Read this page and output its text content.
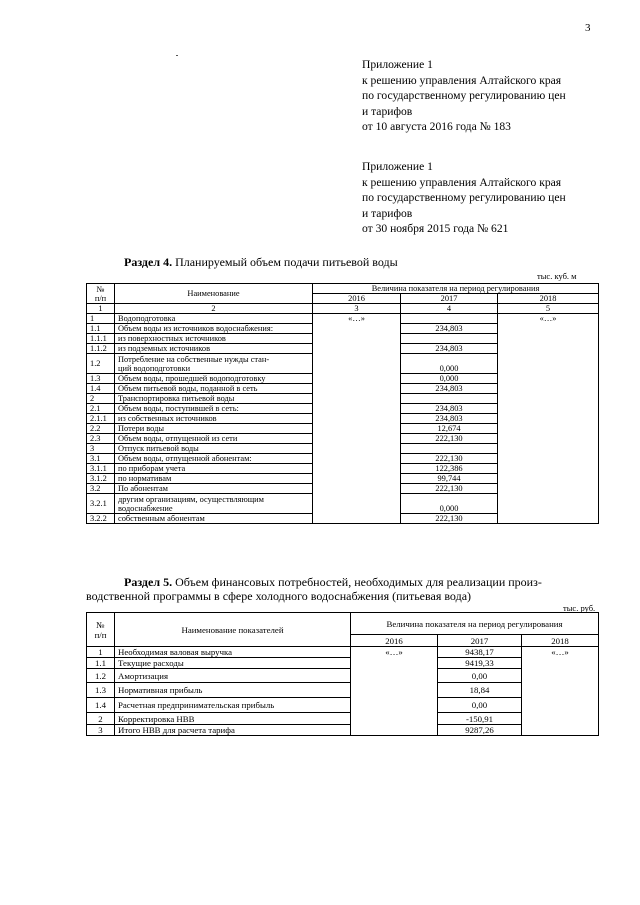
3
Приложение 1
к решению управления Алтайского края
по государственному регулированию цен
и тарифов
от 10 августа 2016 года № 183
Приложение 1
к решению управления Алтайского края
по государственному регулированию цен
и тарифов
от 30 ноября 2015 года № 621
Раздел 4. Планируемый объем подачи питьевой воды
тыс. куб. м
№
п/п	Наименование	Величина показателя на период регулирования		
		2016	2017	2018
1	2	3	4	5
1	Водоподготовка	«…»		«…»
1.1	Объем воды из источников водоснабжения:		234,803	
1.1.1	из поверхностных источников			

1.1.2	из подземных источников		234,803	
1.2	Потребление на собственные нужды стан-
ций водоподготовки		0,000	
1.3	Объем воды, прошедшей водоподготовку		0,000	
1.4	Объем питьевой воды, поданной в сеть		234,803	
2	Транспортировка питьевой воды			

2.1	Объем воды, поступившей в сеть:		234,803	
2.1.1	из собственных источников		234,803	
2.2	Потери воды		12,674	
2.3	Объем воды, отпущенной из сети		222,130	
3	Отпуск питьевой воды			

3.1	Объем воды, отпущенной абонентам:		222,130	
3.1.1	по приборам учета		122,386	
3.1.2	по нормативам		99,744	
3.2	По абонентам		222,130	
3.2.1	другим организациям, осуществляющим
водоснабжение		0,000	
3.2.2	собственным абонентам		222,130	
Раздел 5. Объем финансовых потребностей, необходимых для реализации произ-
водственной программы в сфере холодного водоснабжения (питьевая вода)
тыс. руб.
№
п/п	Наименование показателей	Величина показателя на период регулирования		
		2016	2017	2018
1	Необходимая валовая выручка	«…»	9438,17	«…»
1.1	Текущие расходы		9419,33	
1.2	Амортизация		0,00	
1.3	Нормативная прибыль		18,84	
1.4	Расчетная предпринимательская прибыль		0,00	
2	Корректировка НВВ		-150,91	
3	Итого НВВ для расчета тарифа		9287,26	
